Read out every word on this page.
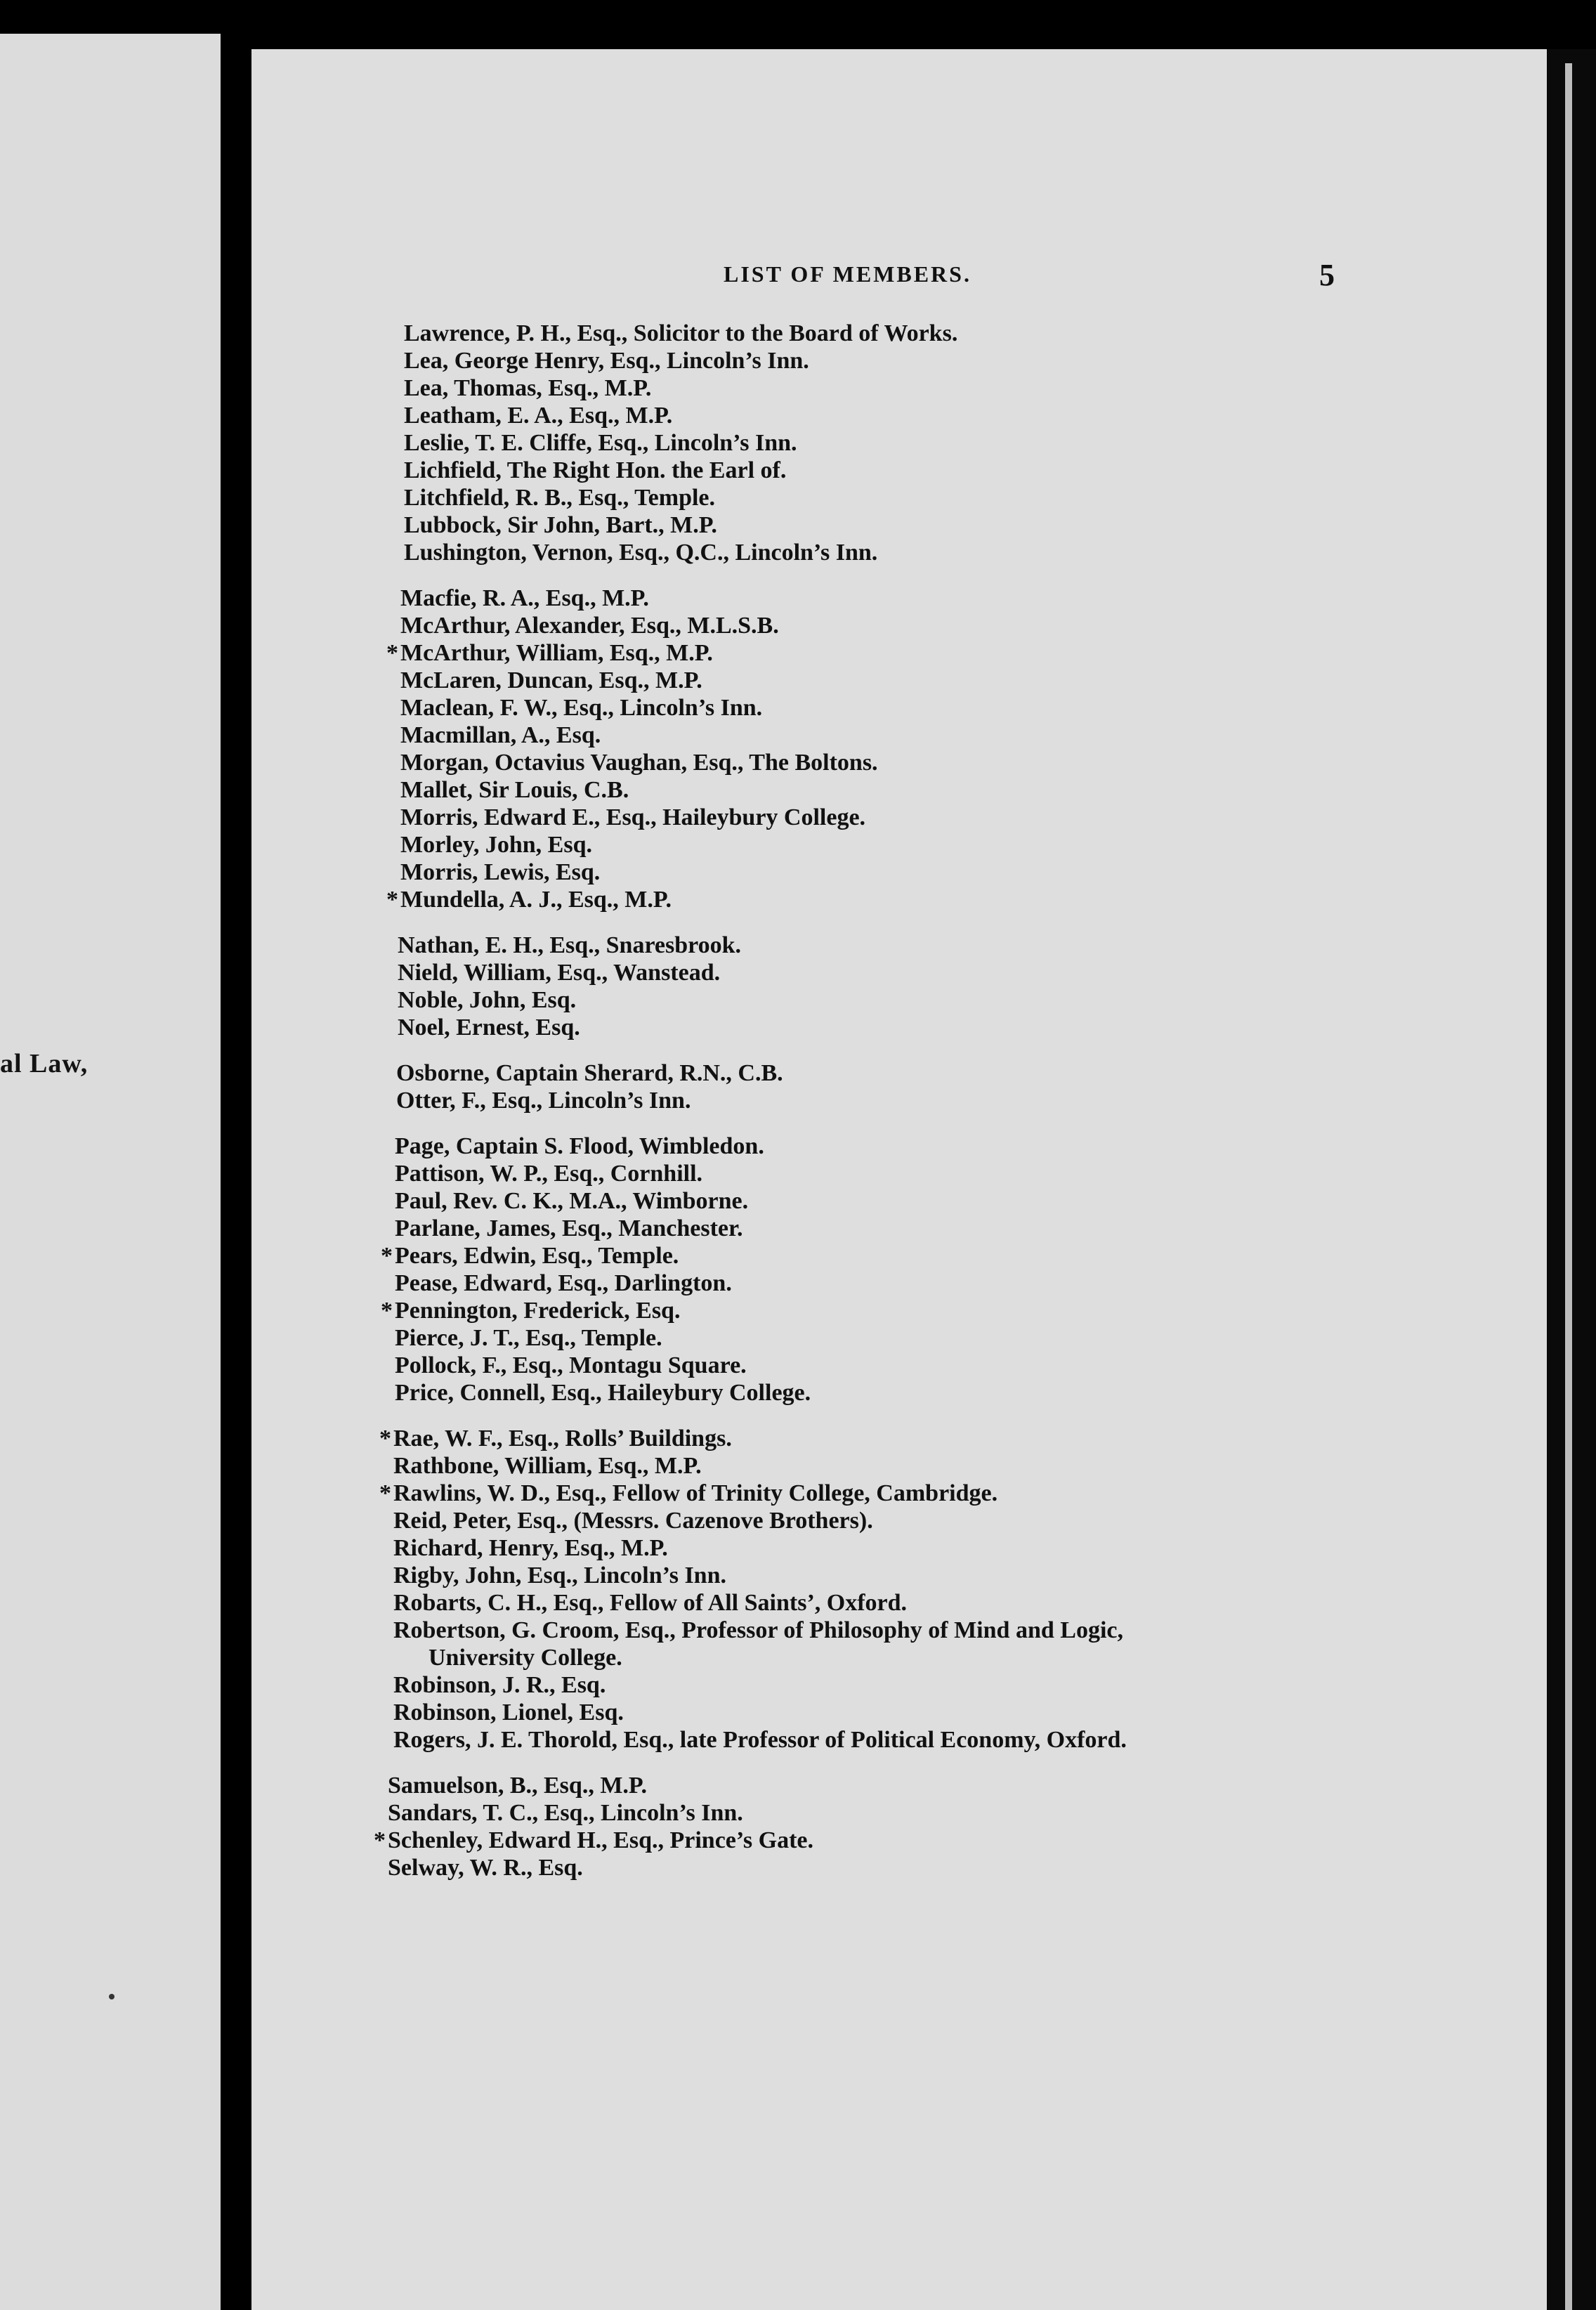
al Law,
LIST OF MEMBERS.	5
Lawrence, P. H., Esq., Solicitor to the Board of Works.
Lea, George Henry, Esq., Lincoln’s Inn.
Lea, Thomas, Esq., M.P.
Leatham, E. A., Esq., M.P.
Leslie, T. E. Cliffe, Esq., Lincoln’s Inn.
Lichfield, The Right Hon. the Earl of.
Litchfield, R. B., Esq., Temple.
Lubbock, Sir John, Bart., M.P.
Lushington, Vernon, Esq., Q.C., Lincoln’s Inn.
Macfie, R. A., Esq., M.P.
McArthur, Alexander, Esq., M.L.S.B.
* McArthur, William, Esq., M.P.
McLaren, Duncan, Esq., M.P.
Maclean, F. W., Esq., Lincoln’s Inn.
Macmillan, A., Esq.
Morgan, Octavius Vaughan, Esq., The Boltons.
Mallet, Sir Louis, C.B.
Morris, Edward E., Esq., Haileybury College.
Morley, John, Esq.
Morris, Lewis, Esq.
* Mundella, A. J., Esq., M.P.
Nathan, E. H., Esq., Snaresbrook.
Nield, William, Esq., Wanstead.
Noble, John, Esq.
Noel, Ernest, Esq.
Osborne, Captain Sherard, R.N., C.B.
Otter, F., Esq., Lincoln’s Inn.
Page, Captain S. Flood, Wimbledon.
Pattison, W. P., Esq., Cornhill.
Paul, Rev. C. K., M.A., Wimborne.
Parlane, James, Esq., Manchester.
* Pears, Edwin, Esq., Temple.
Pease, Edward, Esq., Darlington.
* Pennington, Frederick, Esq.
Pierce, J. T., Esq., Temple.
Pollock, F., Esq., Montagu Square.
Price, Connell, Esq., Haileybury College.
* Rae, W. F., Esq., Rolls’ Buildings.
Rathbone, William, Esq., M.P.
* Rawlins, W. D., Esq., Fellow of Trinity College, Cambridge.
Reid, Peter, Esq., (Messrs. Cazenove Brothers).
Richard, Henry, Esq., M.P.
Rigby, John, Esq., Lincoln’s Inn.
Robarts, C. H., Esq., Fellow of All Saints’, Oxford.
Robertson, G. Croom, Esq., Professor of Philosophy of Mind and Logic,
University College.
Robinson, J. R., Esq.
Robinson, Lionel, Esq.
Rogers, J. E. Thorold, Esq., late Professor of Political Economy, Oxford.
Samuelson, B., Esq., M.P.
Sandars, T. C., Esq., Lincoln’s Inn.
* Schenley, Edward H., Esq., Prince’s Gate.
Selway, W. R., Esq.
